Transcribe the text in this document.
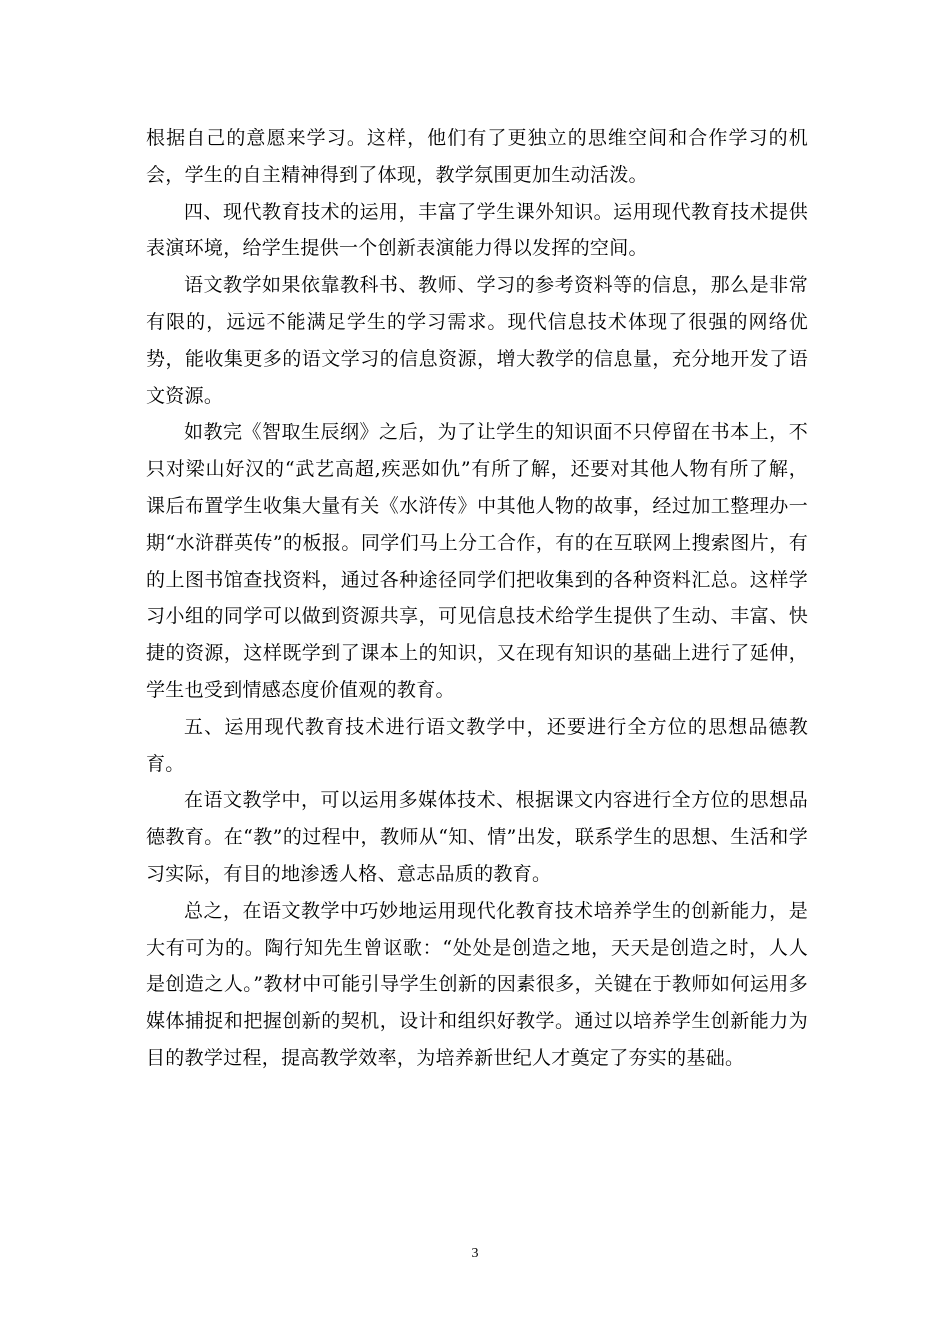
根据自己的意愿来学习。这样，他们有了更独立的思维空间和合作学习的机会，学生的自主精神得到了体现，教学氛围更加生动活泼。

四、现代教育技术的运用，丰富了学生课外知识。运用现代教育技术提供表演环境，给学生提供一个创新表演能力得以发挥的空间。

语文教学如果依靠教科书、教师、学习的参考资料等的信息，那么是非常有限的，远远不能满足学生的学习需求。现代信息技术体现了很强的网络优势，能收集更多的语文学习的信息资源，增大教学的信息量，充分地开发了语文资源。

如教完《智取生辰纲》之后，为了让学生的知识面不只停留在书本上，不只对梁山好汉的“武艺高超,疾恶如仇”有所了解，还要对其他人物有所了解，课后布置学生收集大量有关《水浒传》中其他人物的故事，经过加工整理办一期“水浒群英传”的板报。同学们马上分工合作，有的在互联网上搜索图片，有的上图书馆查找资料，通过各种途径同学们把收集到的各种资料汇总。这样学习小组的同学可以做到资源共享，可见信息技术给学生提供了生动、丰富、快捷的资源，这样既学到了课本上的知识，又在现有知识的基础上进行了延伸，学生也受到情感态度价值观的教育。

五、运用现代教育技术进行语文教学中，还要进行全方位的思想品德教育。

在语文教学中，可以运用多媒体技术、根据课文内容进行全方位的思想品德教育。在“教”的过程中，教师从“知、情”出发，联系学生的思想、生活和学习实际，有目的地渗透人格、意志品质的教育。

总之，在语文教学中巧妙地运用现代化教育技术培养学生的创新能力，是大有可为的。陶行知先生曾讴歌：“处处是创造之地，天天是创造之时，人人是创造之人。”教材中可能引导学生创新的因素很多，关键在于教师如何运用多媒体捕捉和把握创新的契机，设计和组织好教学。通过以培养学生创新能力为目的教学过程，提高教学效率，为培养新世纪人才奠定了夯实的基础。

3
